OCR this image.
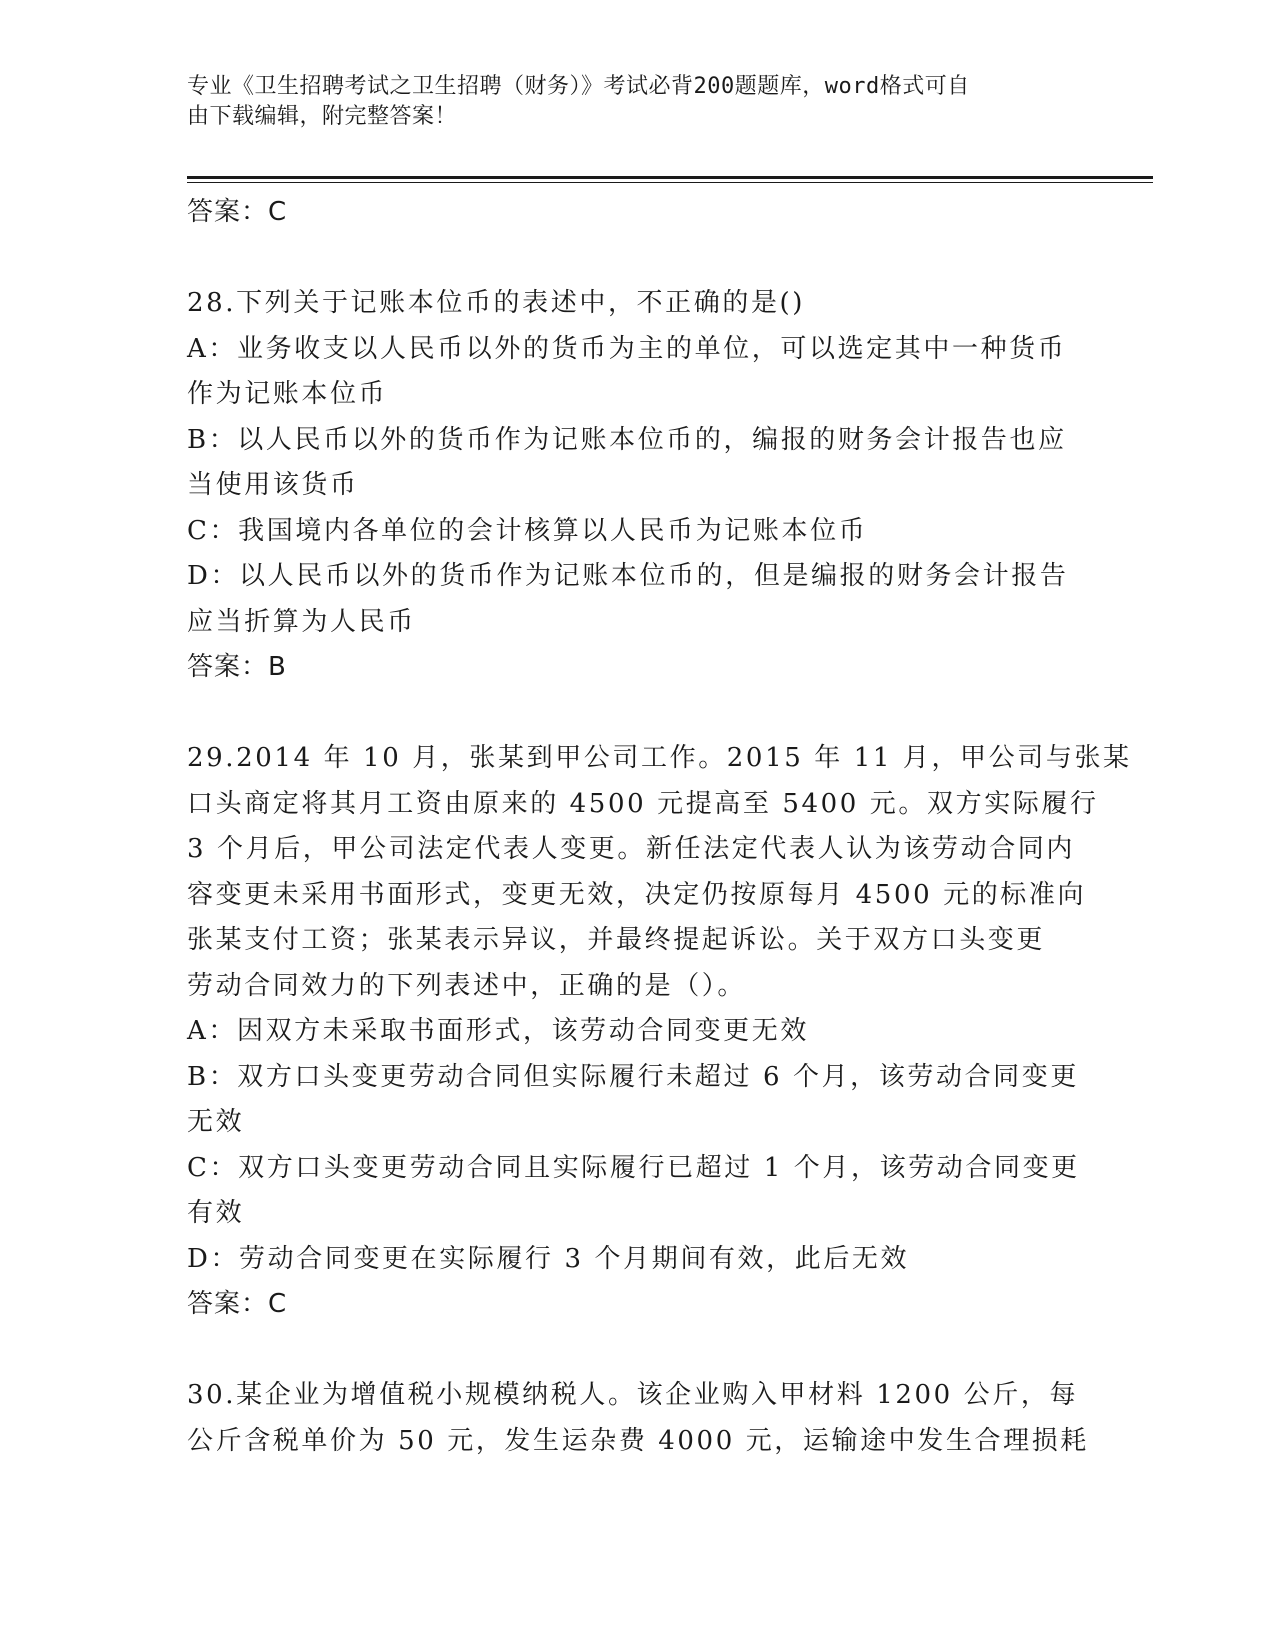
专业《卫生招聘考试之卫生招聘（财务）》考试必背200题题库，word格式可自
由下载编辑，附完整答案！
答案：C
28.下列关于记账本位币的表述中，不正确的是()
A：业务收支以人民币以外的货币为主的单位，可以选定其中一种货币
作为记账本位币
B：以人民币以外的货币作为记账本位币的，编报的财务会计报告也应
当使用该货币
C：我国境内各单位的会计核算以人民币为记账本位币
D：以人民币以外的货币作为记账本位币的，但是编报的财务会计报告
应当折算为人民币
答案：B
29.2014 年 10 月，张某到甲公司工作。2015 年 11 月，甲公司与张某
口头商定将其月工资由原来的 4500 元提高至 5400 元。双方实际履行
3 个月后，甲公司法定代表人变更。新任法定代表人认为该劳动合同内
容变更未采用书面形式，变更无效，决定仍按原每月 4500 元的标准向
张某支付工资；张某表示异议，并最终提起诉讼。关于双方口头变更
劳动合同效力的下列表述中，正确的是（）。
A：因双方未采取书面形式，该劳动合同变更无效
B：双方口头变更劳动合同但实际履行未超过 6 个月，该劳动合同变更
无效
C：双方口头变更劳动合同且实际履行已超过 1 个月，该劳动合同变更
有效
D：劳动合同变更在实际履行 3 个月期间有效，此后无效
答案：C
30.某企业为增值税小规模纳税人。该企业购入甲材料 1200 公斤，每
公斤含税单价为 50 元，发生运杂费 4000 元，运输途中发生合理损耗
